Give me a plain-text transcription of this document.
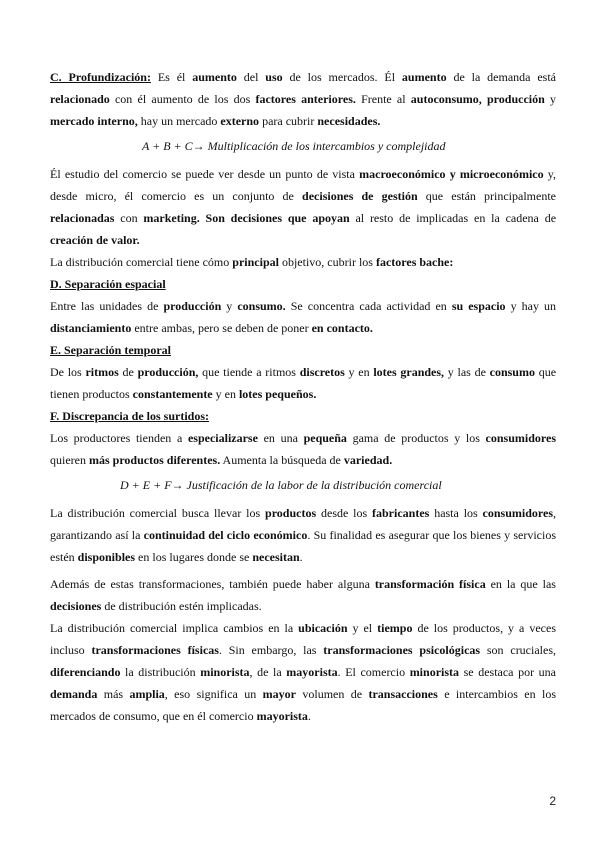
C. Profundización: Es él aumento del uso de los mercados. Él aumento de la demanda está relacionado con él aumento de los dos factores anteriores. Frente al autoconsumo, producción y mercado interno, hay un mercado externo para cubrir necesidades.

A + B + C→ Multiplicación de los intercambios y complejidad

Él estudio del comercio se puede ver desde un punto de vista macroeconómico y microeconómico y, desde micro, él comercio es un conjunto de decisiones de gestión que están principalmente relacionadas con marketing. Son decisiones que apoyan al resto de implicadas en la cadena de creación de valor.

La distribución comercial tiene cómo principal objetivo, cubrir los factores bache:

D. Separación espacial

Entre las unidades de producción y consumo. Se concentra cada actividad en su espacio y hay un distanciamiento entre ambas, pero se deben de poner en contacto.

E. Separación temporal

De los ritmos de producción, que tiende a ritmos discretos y en lotes grandes, y las de consumo que tienen productos constantemente y en lotes pequeños.

F. Discrepancia de los surtidos:

Los productores tienden a especializarse en una pequeña gama de productos y los consumidores quieren más productos diferentes. Aumenta la búsqueda de variedad.

D + E + F→ Justificación de la labor de la distribución comercial

La distribución comercial busca llevar los productos desde los fabricantes hasta los consumidores, garantizando así la continuidad del ciclo económico. Su finalidad es asegurar que los bienes y servicios estén disponibles en los lugares donde se necesitan.

Además de estas transformaciones, también puede haber alguna transformación física en la que las decisiones de distribución estén implicadas.

La distribución comercial implica cambios en la ubicación y el tiempo de los productos, y a veces incluso transformaciones físicas. Sin embargo, las transformaciones psicológicas son cruciales, diferenciando la distribución minorista, de la mayorista. El comercio minorista se destaca por una demanda más amplia, eso significa un mayor volumen de transacciones e intercambios en los mercados de consumo, que en él comercio mayorista.

2
